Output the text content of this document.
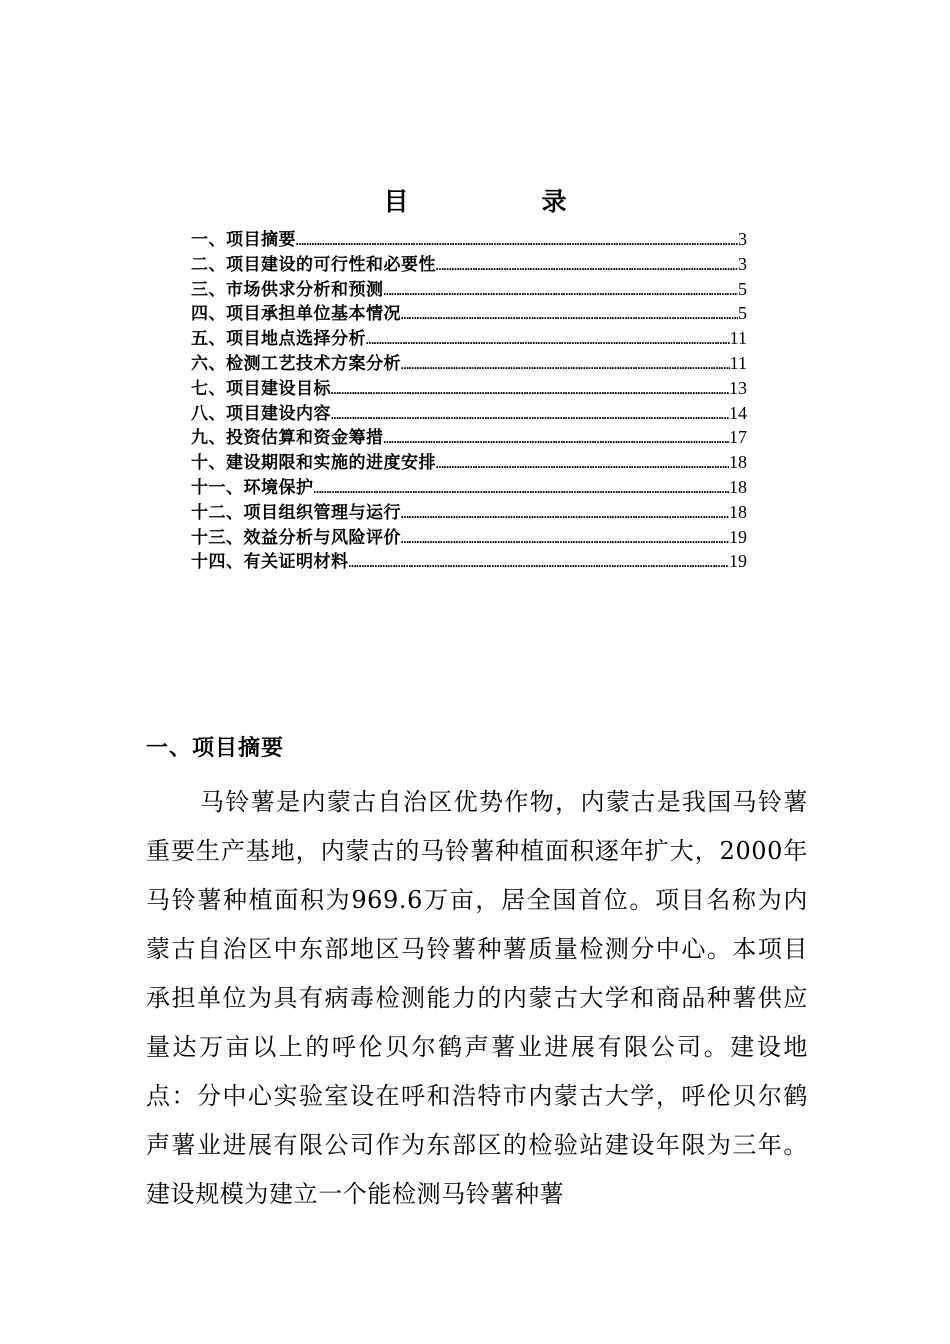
目　录
一、项目摘要 ……………………………………………………………………………………………………………………………………………………………………	3
二、项目建设的可行性和必要性 ……………………………………………………………………………………………………………………………………………………………………	3
三、市场供求分析和预测 ……………………………………………………………………………………………………………………………………………………………………	5
四、项目承担单位基本情况 ……………………………………………………………………………………………………………………………………………………………………	5
五、项目地点选择分析 ……………………………………………………………………………………………………………………………………………………………………	11
六、检测工艺技术方案分析 ……………………………………………………………………………………………………………………………………………………………………	11
七、项目建设目标 ……………………………………………………………………………………………………………………………………………………………………	13
八、项目建设内容 ……………………………………………………………………………………………………………………………………………………………………	14
九、投资估算和资金筹措 ……………………………………………………………………………………………………………………………………………………………………	17
十、建设期限和实施的进度安排 ……………………………………………………………………………………………………………………………………………………………………	18
十一、环境保护 ……………………………………………………………………………………………………………………………………………………………………	18
十二、项目组织管理与运行 ……………………………………………………………………………………………………………………………………………………………………	18
十三、效益分析与风险评价 ……………………………………………………………………………………………………………………………………………………………………	19
十四、有关证明材料 ……………………………………………………………………………………………………………………………………………………………………	19
一、项目摘要

马铃薯是内蒙古自治区优势作物，内蒙古是我国马铃薯重要生产基地，内蒙古的马铃薯种植面积逐年扩大，2000年马铃薯种植面积为969.6万亩，居全国首位。项目名称为内蒙古自治区中东部地区马铃薯种薯质量检测分中心。本项目承担单位为具有病毒检测能力的内蒙古大学和商品种薯供应量达万亩以上的呼伦贝尔鹤声薯业进展有限公司。建设地点：分中心实验室设在呼和浩特市内蒙古大学，呼伦贝尔鹤声薯业进展有限公司作为东部区的检验站建设年限为三年。建设规模为建立一个能检测马铃薯种薯
